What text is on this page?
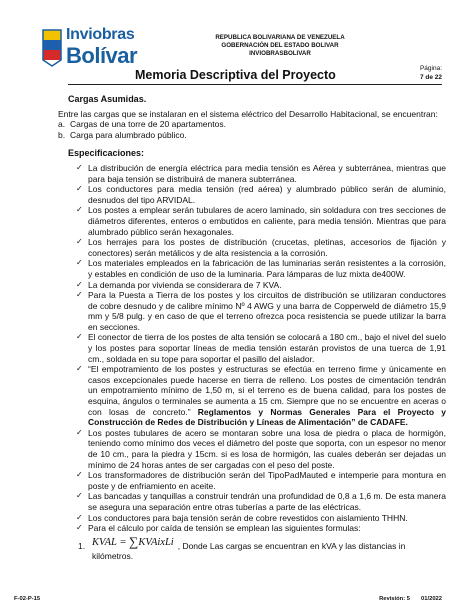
Inviobras
Bolívar
REPUBLICA BOLIVARIANA DE VENEZUELA
GOBERNACIÓN DEL ESTADO BOLIVAR
INVIOBRASBOLIVAR
Memoria Descriptiva del Proyecto	Página:
7 de 22
Cargas Asumidas.
Entre las cargas que se instalaran en el sistema eléctrico del Desarrollo Habitacional, se encuentran:
a. Cargas de una torre de 20 apartamentos.
b. Carga para alumbrado público.
Especificaciones:
✓ La distribución de energía eléctrica para media tensión es Aérea y subterránea, mientras que para baja tensión se distribuirá de manera subterránea.
✓ Los conductores para media tensión (red aérea) y alumbrado público serán de aluminio, desnudos del tipo ARVIDAL.
✓ Los postes a emplear serán tubulares de acero laminado, sin soldadura con tres secciones de diámetros diferentes, enteros o embutidos en caliente, para media tensión. Mientras que para alumbrado público serán hexagonales.
✓ Los herrajes para los postes de distribución (crucetas, pletinas, accesorios de fijación y conectores) serán metálicos y de alta resistencia a la corrosión.
✓ Los materiales empleados en la fabricación de las luminarias serán resistentes a la corrosión, y estables en condición de uso de la luminaria. Para lámparas de luz mixta de400W.
✓ La demanda por vivienda se considerara de 7 KVA.
✓ Para la Puesta a Tierra de los postes y los circuitos de distribución se utilizaran conductores de cobre desnudo y de calibre mínimo Nº 4 AWG y una barra de Copperweld de diámetro 15,9 mm y 5/8 pulg. y en caso de que el terreno ofrezca poca resistencia se puede utilizar la barra en secciones.
✓ El conector de tierra de los postes de alta tensión se colocará a 180 cm., bajo el nivel del suelo y los postes para soportar líneas de media tensión estarán provistos de una tuerca de 1,91 cm., soldada en su tope para soportar el pasillo del aislador.
✓ “El empotramiento de los postes y estructuras se efectúa en terreno firme y únicamente en casos excepcionales puede hacerse en tierra de relleno. Los postes de cimentación tendrán un empotramiento mínimo de 1,50 m, si el terreno es de buena calidad, para los postes de esquina, ángulos o terminales se aumenta a 15 cm. Siempre que no se encuentre en aceras o con losas de concreto.” Reglamentos y Normas Generales Para el Proyecto y Construcción de Redes de Distribución y Líneas de Alimentación” de CADAFE.
✓ Los postes tubulares de acero se montaran sobre una losa de piedra o placa de hormigón, teniendo como mínimo dos veces el diámetro del poste que soporta, con un espesor no menor de 10 cm., para la piedra y 15cm. si es losa de hormigón, las cuales deberán ser dejadas un mínimo de 24 horas antes de ser cargadas con el peso del poste.
✓ Los transformadores de distribución serán del TipoPadMauted e intemperie para montura en poste y de enfriamiento en aceite.
✓ Las bancadas y tanquillas a construir tendrán una profundidad de 0,8 a 1,6 m. De esta manera se asegura una separación entre otras tuberías a parte de las eléctricas.
✓ Los conductores para baja tensión serán de cobre revestidos con aislamiento THHN.
✓ Para el cálculo por caída de tensión se emplean las siguientes formulas:
1. KVAL = ∑KVAixLi , Donde Las cargas se encuentran en kVA y las distancias in
kilómetros.
F-02-P-15	Revisión: 5 01/2022
